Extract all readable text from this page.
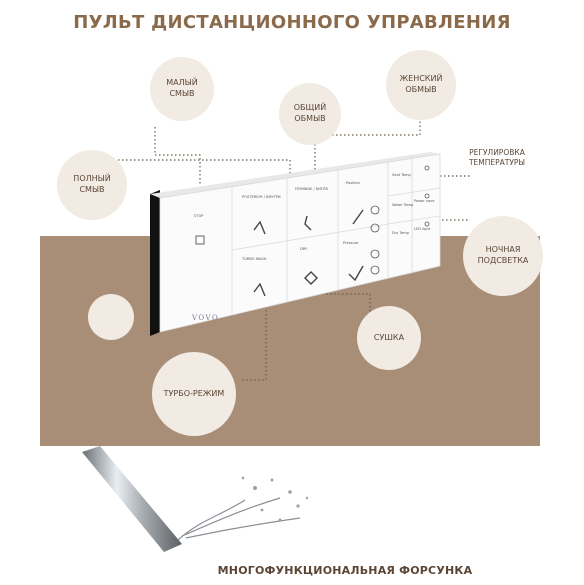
ПУЛЬТ ДИСТАНЦИОННОГО УПРАВЛЕНИЯ
МАЛЫЙ
СМЫВ
ОБЩИЙ
ОБМЫВ
ЖЕНСКИЙ
ОБМЫВ
ПОЛНЫЙ
СМЫВ
НОЧНАЯ
ПОДСВЕТКА
СУШКА
ТУРБО-РЕЖИМ
РЕГУЛИРОВКА
ТЕМПЕРАТУРЫ
STOP
POSTERIOR / ВНУТРИ
FEMININE / БИГЕВ
Position
Pressure
TURBO WASH
DRY
Seat Temp
Water Temp
Dry Temp
Power save
LED light
VOVO
МНОГОФУНКЦИОНАЛЬНАЯ ФОРСУНКА
